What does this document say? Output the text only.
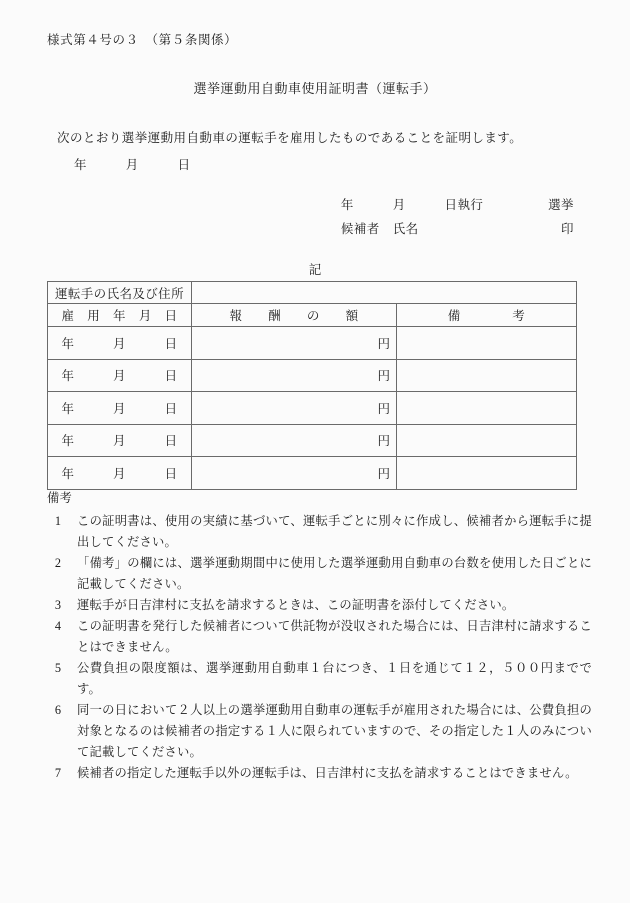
様式第４号の３　（第５条関係）
選挙運動用自動車使用証明書（運転手）
次のとおり選挙運動用自動車の運転手を雇用したものであることを証明します。
年　　　月　　　日
年　　　月　　　日執行　　　　　選挙
候補者　氏名　　　　　　　　　　　印
記
運転手の氏名及び住所		
雇　用　年　月　日	報　　酬　　の　　額	備　　　　考
年　　　月　　　日	円	
年　　　月　　　日	円	
年　　　月　　　日	円	
年　　　月　　　日	円	
年　　　月　　　日	円	
備考
1	この証明書は、使用の実績に基づいて、運転手ごとに別々に作成し、候補者から運転手に提出してください。
2	「備考」の欄には、選挙運動期間中に使用した選挙運動用自動車の台数を使用した日ごとに記載してください。
3	運転手が日吉津村に支払を請求するときは、この証明書を添付してください。
4	この証明書を発行した候補者について供託物が没収された場合には、日吉津村に請求することはできません。
5	公費負担の限度額は、選挙運動用自動車１台につき、１日を通じて１２，５００円までです。
6	同一の日において２人以上の選挙運動用自動車の運転手が雇用された場合には、公費負担の対象となるのは候補者の指定する１人に限られていますので、その指定した１人のみについて記載してください。
7	候補者の指定した運転手以外の運転手は、日吉津村に支払を請求することはできません。
